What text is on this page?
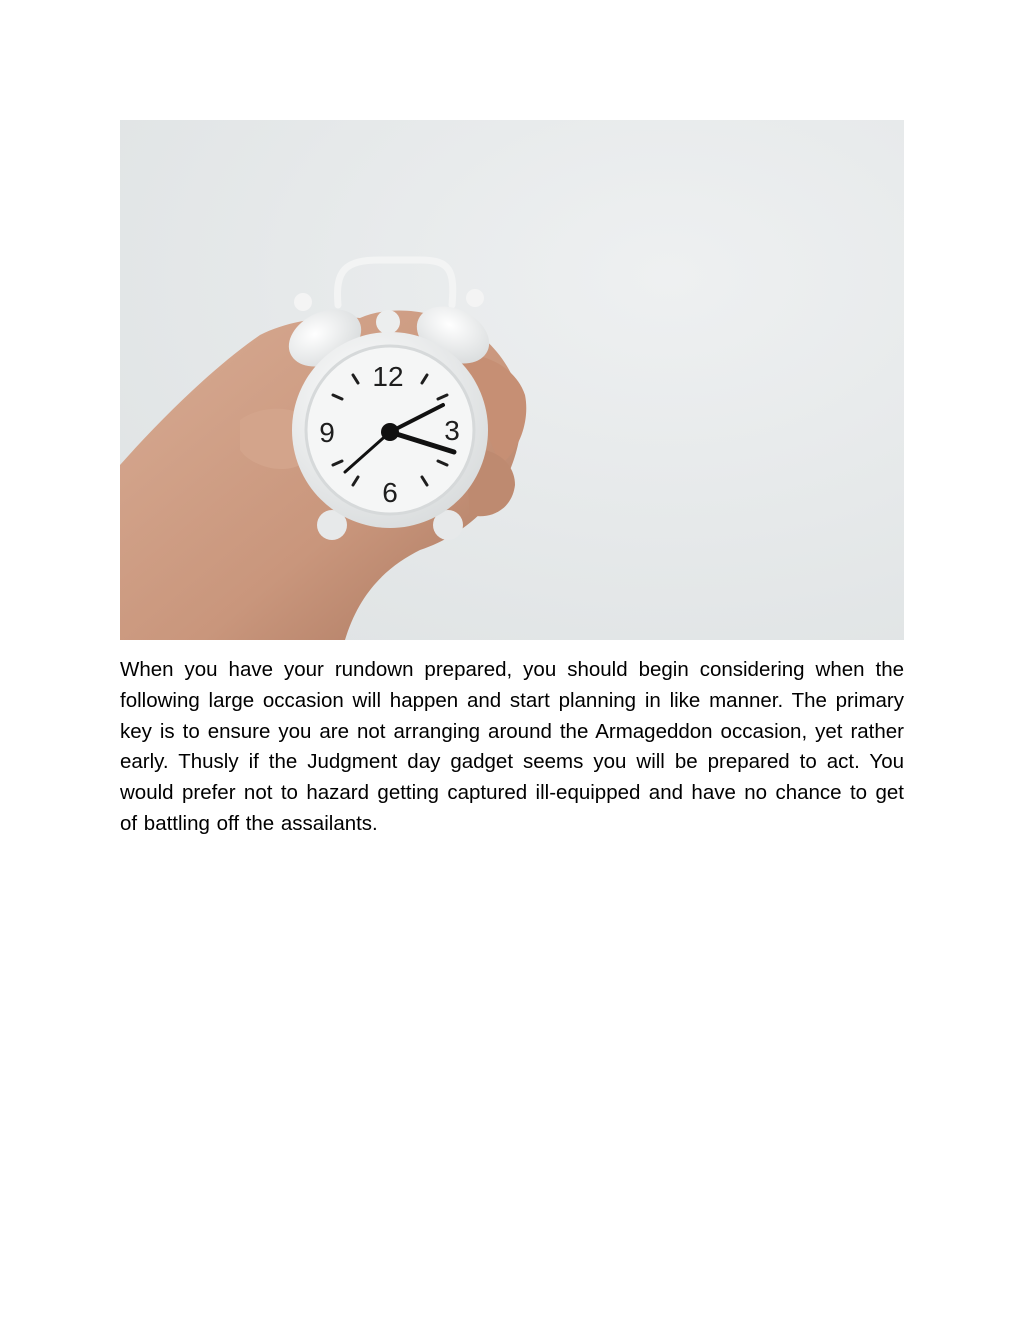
12
3
6
9

When you have your rundown prepared, you should begin considering when the following large occasion will happen and start planning in like manner. The primary key is to ensure you are not arranging around the Armageddon occasion, yet rather early. Thusly if the Judgment day gadget seems you will be prepared to act. You would prefer not to hazard getting captured ill-equipped and have no chance to get of battling off the assailants.
